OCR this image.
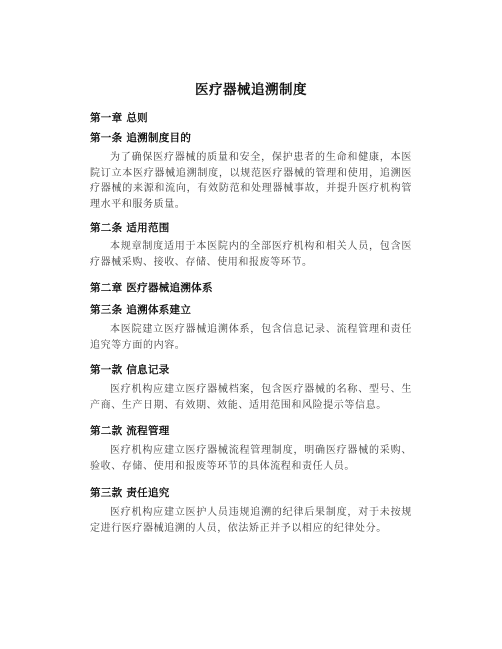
医疗器械追溯制度
第一章 总则
第一条 追溯制度目的
为了确保医疗器械的质量和安全，保护患者的生命和健康，本医院订立本医疗器械追溯制度，以规范医疗器械的管理和使用，追溯医疗器械的来源和流向，有效防范和处理器械事故，并提升医疗机构管理水平和服务质量。
第二条 适用范围
本规章制度适用于本医院内的全部医疗机构和相关人员，包含医疗器械采购、接收、存储、使用和报废等环节。
第二章 医疗器械追溯体系
第三条 追溯体系建立
本医院建立医疗器械追溯体系，包含信息记录、流程管理和责任追究等方面的内容。
第一款 信息记录
医疗机构应建立医疗器械档案，包含医疗器械的名称、型号、生产商、生产日期、有效期、效能、适用范围和风险提示等信息。
第二款 流程管理
医疗机构应建立医疗器械流程管理制度，明确医疗器械的采购、验收、存储、使用和报废等环节的具体流程和责任人员。
第三款 责任追究
医疗机构应建立医护人员违规追溯的纪律后果制度，对于未按规定进行医疗器械追溯的人员，依法矫正并予以相应的纪律处分。
